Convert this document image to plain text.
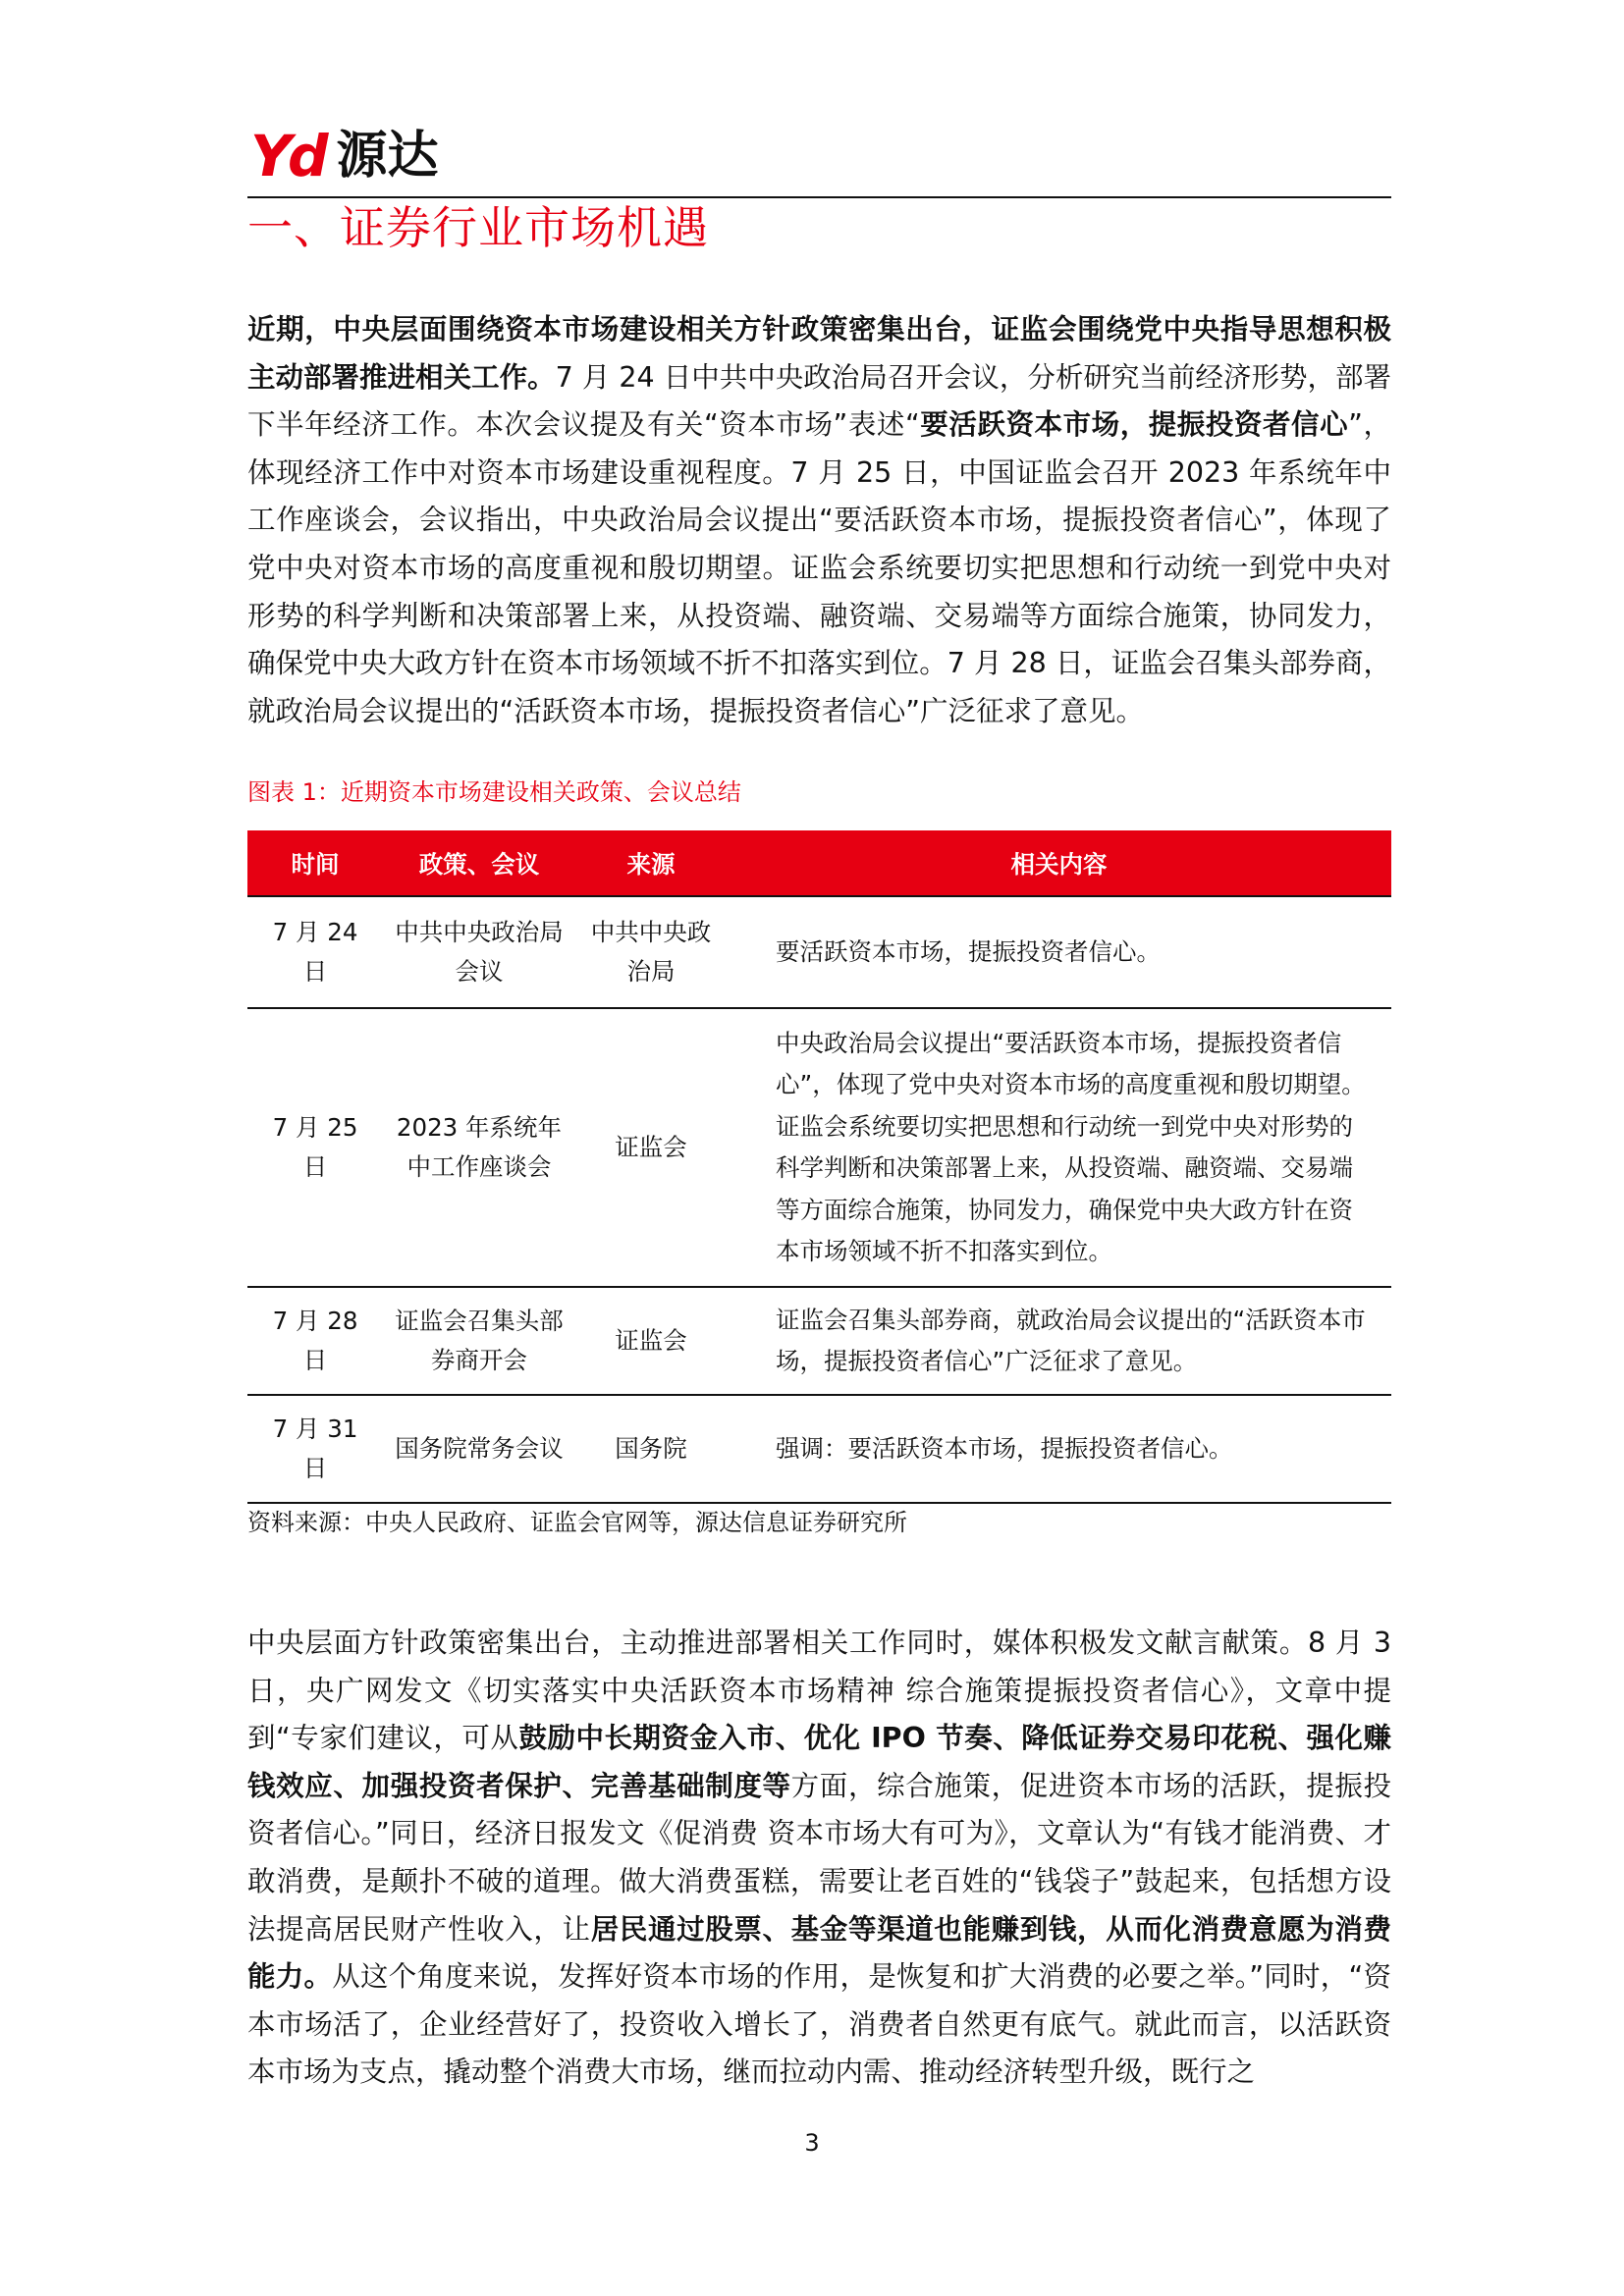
Yd 源达
一、证券行业市场机遇

近期，中央层面围绕资本市场建设相关方针政策密集出台，证监会围绕党中央指导思想积极主动部署推进相关工作。7 月 24 日中共中央政治局召开会议，分析研究当前经济形势，部署下半年经济工作。本次会议提及有关“资本市场”表述“要活跃资本市场，提振投资者信心”，体现经济工作中对资本市场建设重视程度。7 月 25 日，中国证监会召开 2023 年系统年中工作座谈会，会议指出，中央政治局会议提出“要活跃资本市场，提振投资者信心”，体现了党中央对资本市场的高度重视和殷切期望。证监会系统要切实把思想和行动统一到党中央对形势的科学判断和决策部署上来，从投资端、融资端、交易端等方面综合施策，协同发力，确保党中央大政方针在资本市场领域不折不扣落实到位。7 月 28 日，证监会召集头部券商，就政治局会议提出的“活跃资本市场，提振投资者信心”广泛征求了意见。

图表 1：近期资本市场建设相关政策、会议总结
时间	政策、会议	来源	相关内容
7 月 24 日	中共中央政治局会议	中共中央政治局	要活跃资本市场，提振投资者信心。
7 月 25 日	2023 年系统年中工作座谈会	证监会	中央政治局会议提出“要活跃资本市场，提振投资者信心”，体现了党中央对资本市场的高度重视和殷切期望。证监会系统要切实把思想和行动统一到党中央对形势的科学判断和决策部署上来，从投资端、融资端、交易端等方面综合施策，协同发力，确保党中央大政方针在资本市场领域不折不扣落实到位。
7 月 28 日	证监会召集头部券商开会	证监会	证监会召集头部券商，就政治局会议提出的“活跃资本市场，提振投资者信心”广泛征求了意见。
7 月 31 日	国务院常务会议	国务院	强调：要活跃资本市场，提振投资者信心。
资料来源：中央人民政府、证监会官网等，源达信息证券研究所

中央层面方针政策密集出台，主动推进部署相关工作同时，媒体积极发文献言献策。8 月 3 日，央广网发文《切实落实中央活跃资本市场精神 综合施策提振投资者信心》，文章中提到“专家们建议，可从鼓励中长期资金入市、优化 IPO 节奏、降低证券交易印花税、强化赚钱效应、加强投资者保护、完善基础制度等方面，综合施策，促进资本市场的活跃，提振投资者信心。”同日，经济日报发文《促消费 资本市场大有可为》，文章认为“有钱才能消费、才敢消费，是颠扑不破的道理。做大消费蛋糕，需要让老百姓的“钱袋子”鼓起来，包括想方设法提高居民财产性收入，让居民通过股票、基金等渠道也能赚到钱，从而化消费意愿为消费能力。从这个角度来说，发挥好资本市场的作用，是恢复和扩大消费的必要之举。”同时，“资本市场活了，企业经营好了，投资收入增长了，消费者自然更有底气。就此而言，以活跃资本市场为支点，撬动整个消费大市场，继而拉动内需、推动经济转型升级，既行之

3
